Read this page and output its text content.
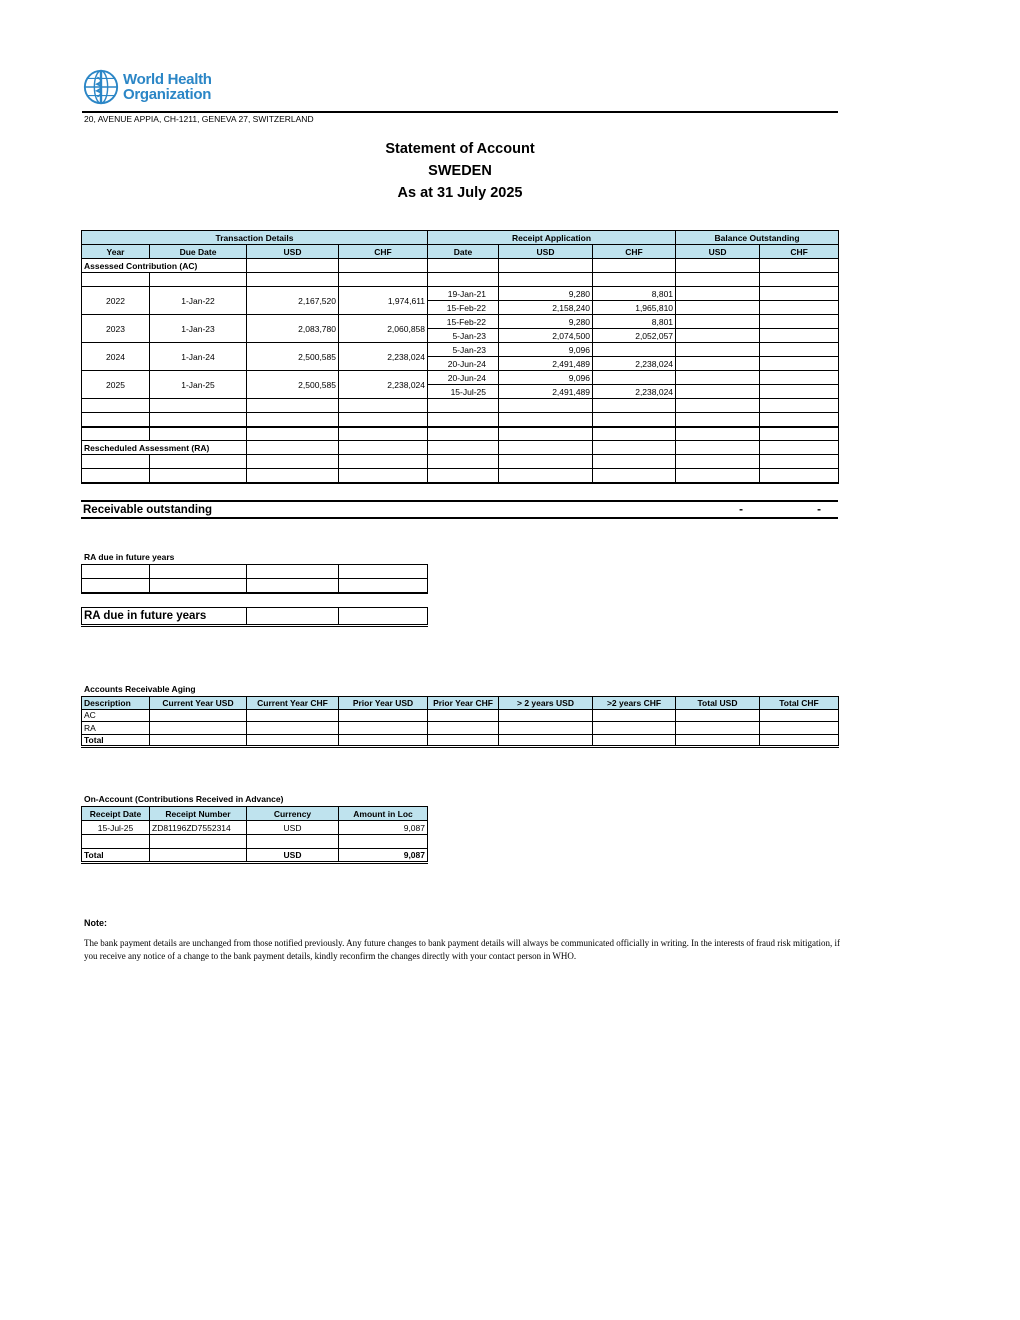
World Health
Organization
20, AVENUE APPIA, CH-1211, GENEVA 27, SWITZERLAND
Statement of Account
SWEDEN
As at 31 July 2025
Transaction Details				Receipt Application			Balance Outstanding	
Year	Due Date	USD	CHF	Date	USD	CHF	USD	CHF
Assessed Contribution (AC)								

2022	1-Jan-22	2,167,520	1,974,611	19-Jan-21	9,280	8,801		
				15-Feb-22	2,158,240	1,965,810		
2023	1-Jan-23	2,083,780	2,060,858	15-Feb-22	9,280	8,801		
				5-Jan-23	2,074,500	2,052,057		
2024	1-Jan-24	2,500,585	2,238,024	5-Jan-23	9,096			
				20-Jun-24	2,491,489	2,238,024		
2025	1-Jan-25	2,500,585	2,238,024	20-Jun-24	9,096			
				15-Jul-25	2,491,489	2,238,024		

Rescheduled Assessment (RA)								

Receivable outstanding	-	-
RA due in future years

RA due in future years		
Accounts Receivable Aging
Description	Current Year USD	Current Year CHF	Prior Year USD	Prior Year CHF	> 2 years USD	>2 years CHF	Total USD	Total CHF
AC								
RA								
Total								
On-Account (Contributions Received in Advance)
Receipt Date	Receipt Number	Currency	Amount in Loc
15-Jul-25	ZD81196ZD7552314	USD	9,087

Total		USD	9,087
Note:
The bank payment details are unchanged from those notified previously. Any future changes to bank payment details will always be communicated officially in writing. In the interests of fraud risk mitigation, if you receive any notice of a change to the bank payment details, kindly reconfirm the changes directly with your contact person in WHO.
